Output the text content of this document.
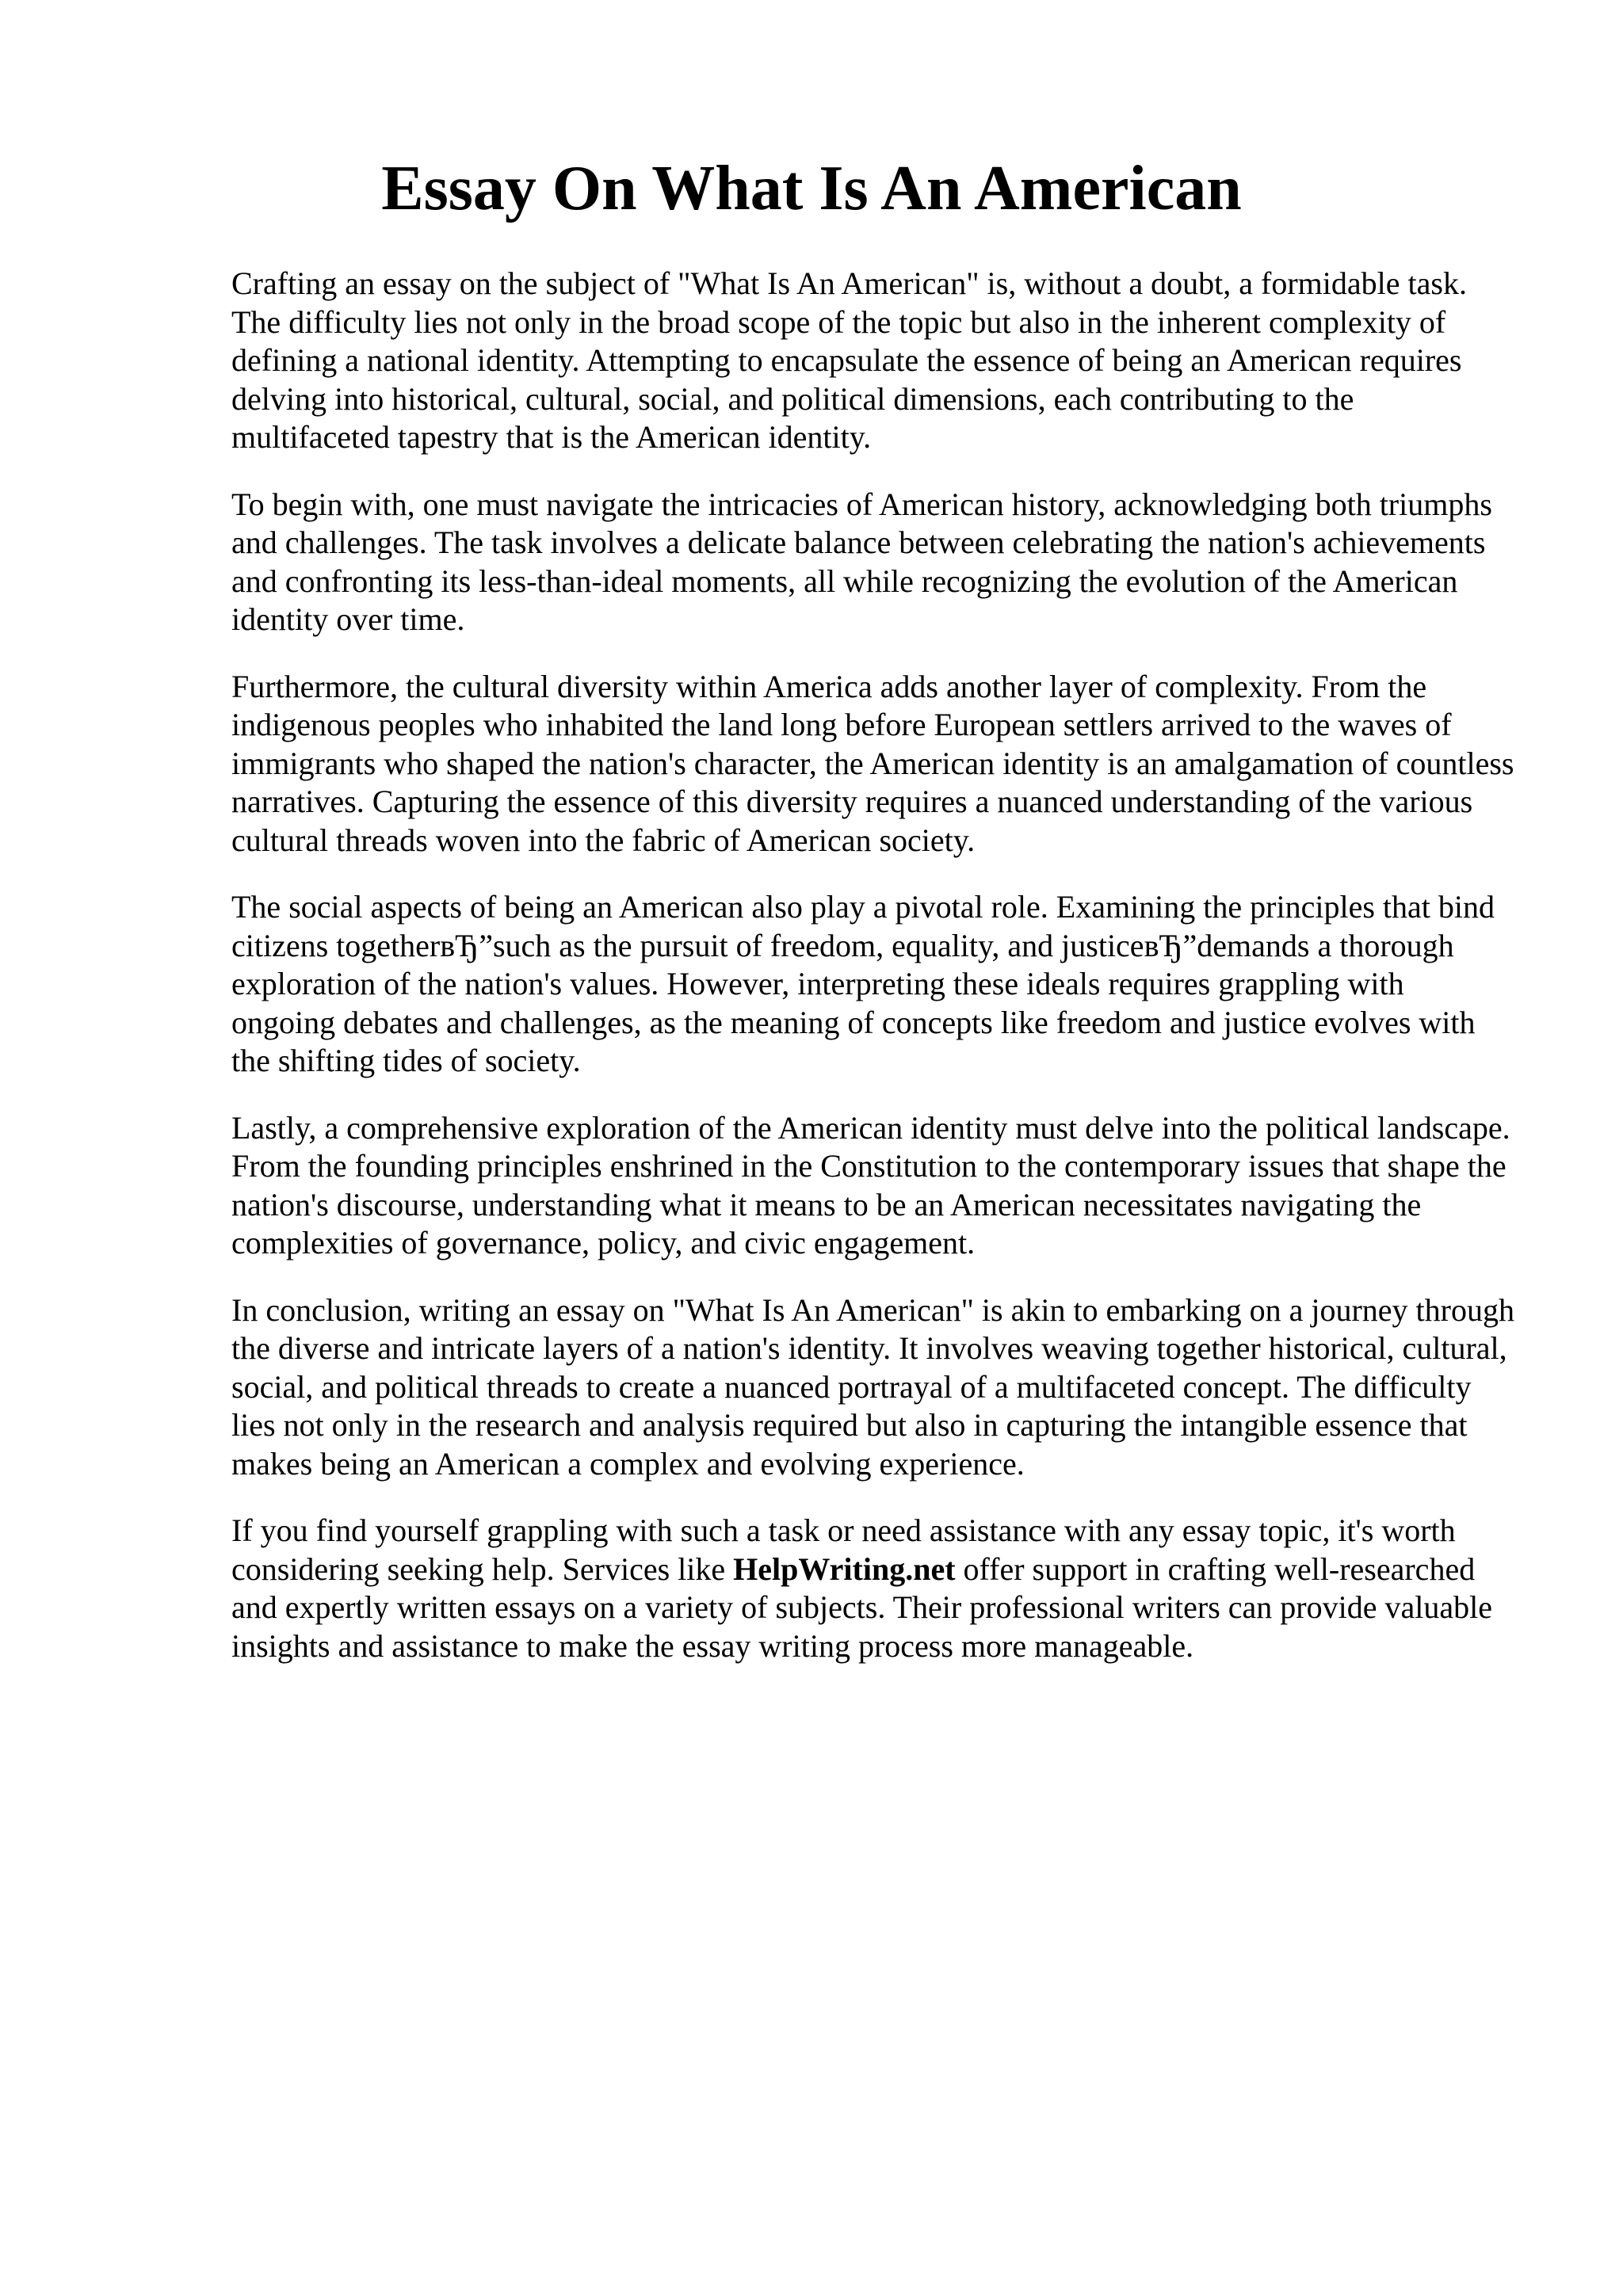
Essay On What Is An American

Crafting an essay on the subject of "What Is An American" is, without a doubt, a formidable task. The difficulty lies not only in the broad scope of the topic but also in the inherent complexity of defining a national identity. Attempting to encapsulate the essence of being an American requires delving into historical, cultural, social, and political dimensions, each contributing to the multifaceted tapestry that is the American identity.

To begin with, one must navigate the intricacies of American history, acknowledging both triumphs and challenges. The task involves a delicate balance between celebrating the nation's achievements and confronting its less-than-ideal moments, all while recognizing the evolution of the American identity over time.

Furthermore, the cultural diversity within America adds another layer of complexity. From the indigenous peoples who inhabited the land long before European settlers arrived to the waves of immigrants who shaped the nation's character, the American identity is an amalgamation of countless narratives. Capturing the essence of this diversity requires a nuanced understanding of the various cultural threads woven into the fabric of American society.

The social aspects of being an American also play a pivotal role. Examining the principles that bind citizens togetherвЂ”such as the pursuit of freedom, equality, and justiceвЂ”demands a thorough exploration of the nation's values. However, interpreting these ideals requires grappling with ongoing debates and challenges, as the meaning of concepts like freedom and justice evolves with the shifting tides of society.

Lastly, a comprehensive exploration of the American identity must delve into the political landscape. From the founding principles enshrined in the Constitution to the contemporary issues that shape the nation's discourse, understanding what it means to be an American necessitates navigating the complexities of governance, policy, and civic engagement.

In conclusion, writing an essay on "What Is An American" is akin to embarking on a journey through the diverse and intricate layers of a nation's identity. It involves weaving together historical, cultural, social, and political threads to create a nuanced portrayal of a multifaceted concept. The difficulty lies not only in the research and analysis required but also in capturing the intangible essence that makes being an American a complex and evolving experience.

If you find yourself grappling with such a task or need assistance with any essay topic, it's worth considering seeking help. Services like HelpWriting.net offer support in crafting well-researched and expertly written essays on a variety of subjects. Their professional writers can provide valuable insights and assistance to make the essay writing process more manageable.
